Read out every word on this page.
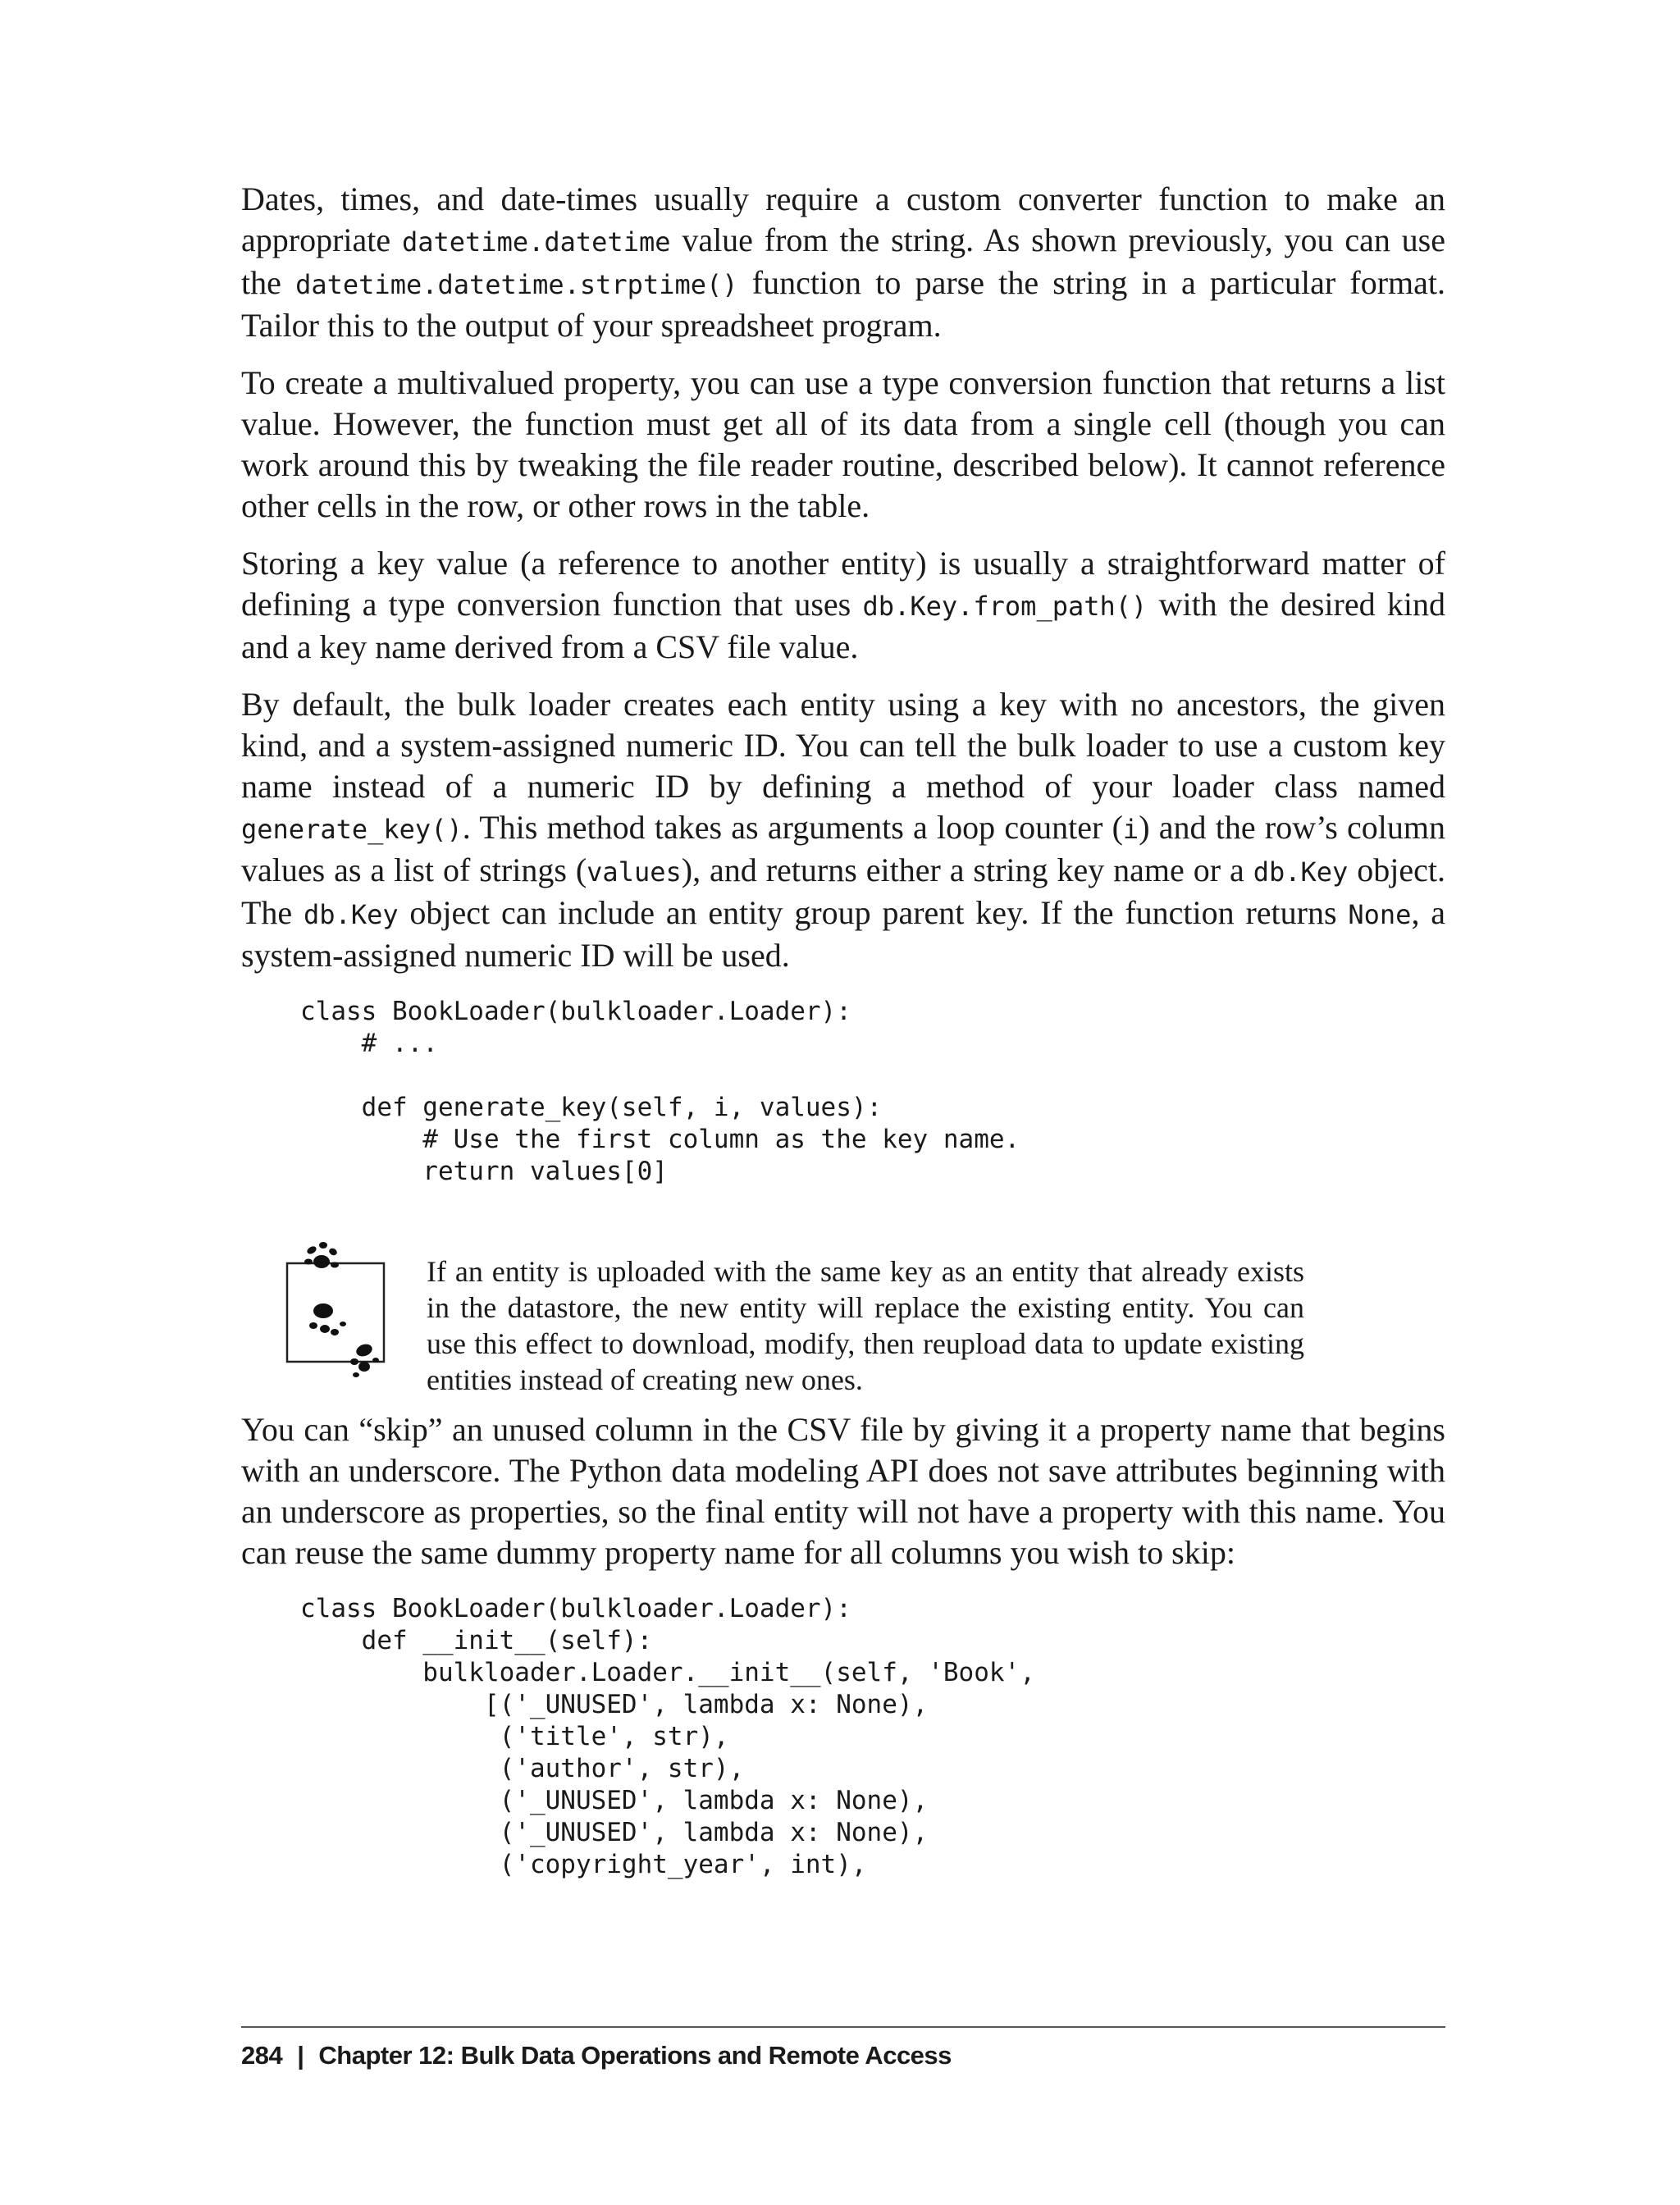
Dates, times, and date-times usually require a custom converter function to make an appropriate datetime.datetime value from the string. As shown previously, you can use the datetime.datetime.strptime() function to parse the string in a particular format. Tailor this to the output of your spreadsheet program.

To create a multivalued property, you can use a type conversion function that returns a list value. However, the function must get all of its data from a single cell (though you can work around this by tweaking the file reader routine, described below). It cannot reference other cells in the row, or other rows in the table.

Storing a key value (a reference to another entity) is usually a straightforward matter of defining a type conversion function that uses db.Key.from_path() with the desired kind and a key name derived from a CSV file value.

By default, the bulk loader creates each entity using a key with no ancestors, the given kind, and a system-assigned numeric ID. You can tell the bulk loader to use a custom key name instead of a numeric ID by defining a method of your loader class named generate_key(). This method takes as arguments a loop counter (i) and the row’s column values as a list of strings (values), and returns either a string key name or a db.Key object. The db.Key object can include an entity group parent key. If the function returns None, a system-assigned numeric ID will be used.

class BookLoader(bulkloader.Loader):
# ...

def generate_key(self, i, values):
# Use the first column as the key name.
return values[0]
If an entity is uploaded with the same key as an entity that already exists in the datastore, the new entity will replace the existing entity. You can use this effect to download, modify, then reupload data to update existing entities instead of creating new ones.

You can “skip” an unused column in the CSV file by giving it a property name that begins with an underscore. The Python data modeling API does not save attributes beginning with an underscore as properties, so the final entity will not have a property with this name. You can reuse the same dummy property name for all columns you wish to skip:

class BookLoader(bulkloader.Loader):
def __init__(self):
bulkloader.Loader.__init__(self, 'Book',
[('_UNUSED', lambda x: None),
('title', str),
('author', str),
('_UNUSED', lambda x: None),
('_UNUSED', lambda x: None),
('copyright_year', int),
284 | Chapter 12: Bulk Data Operations and Remote Access
